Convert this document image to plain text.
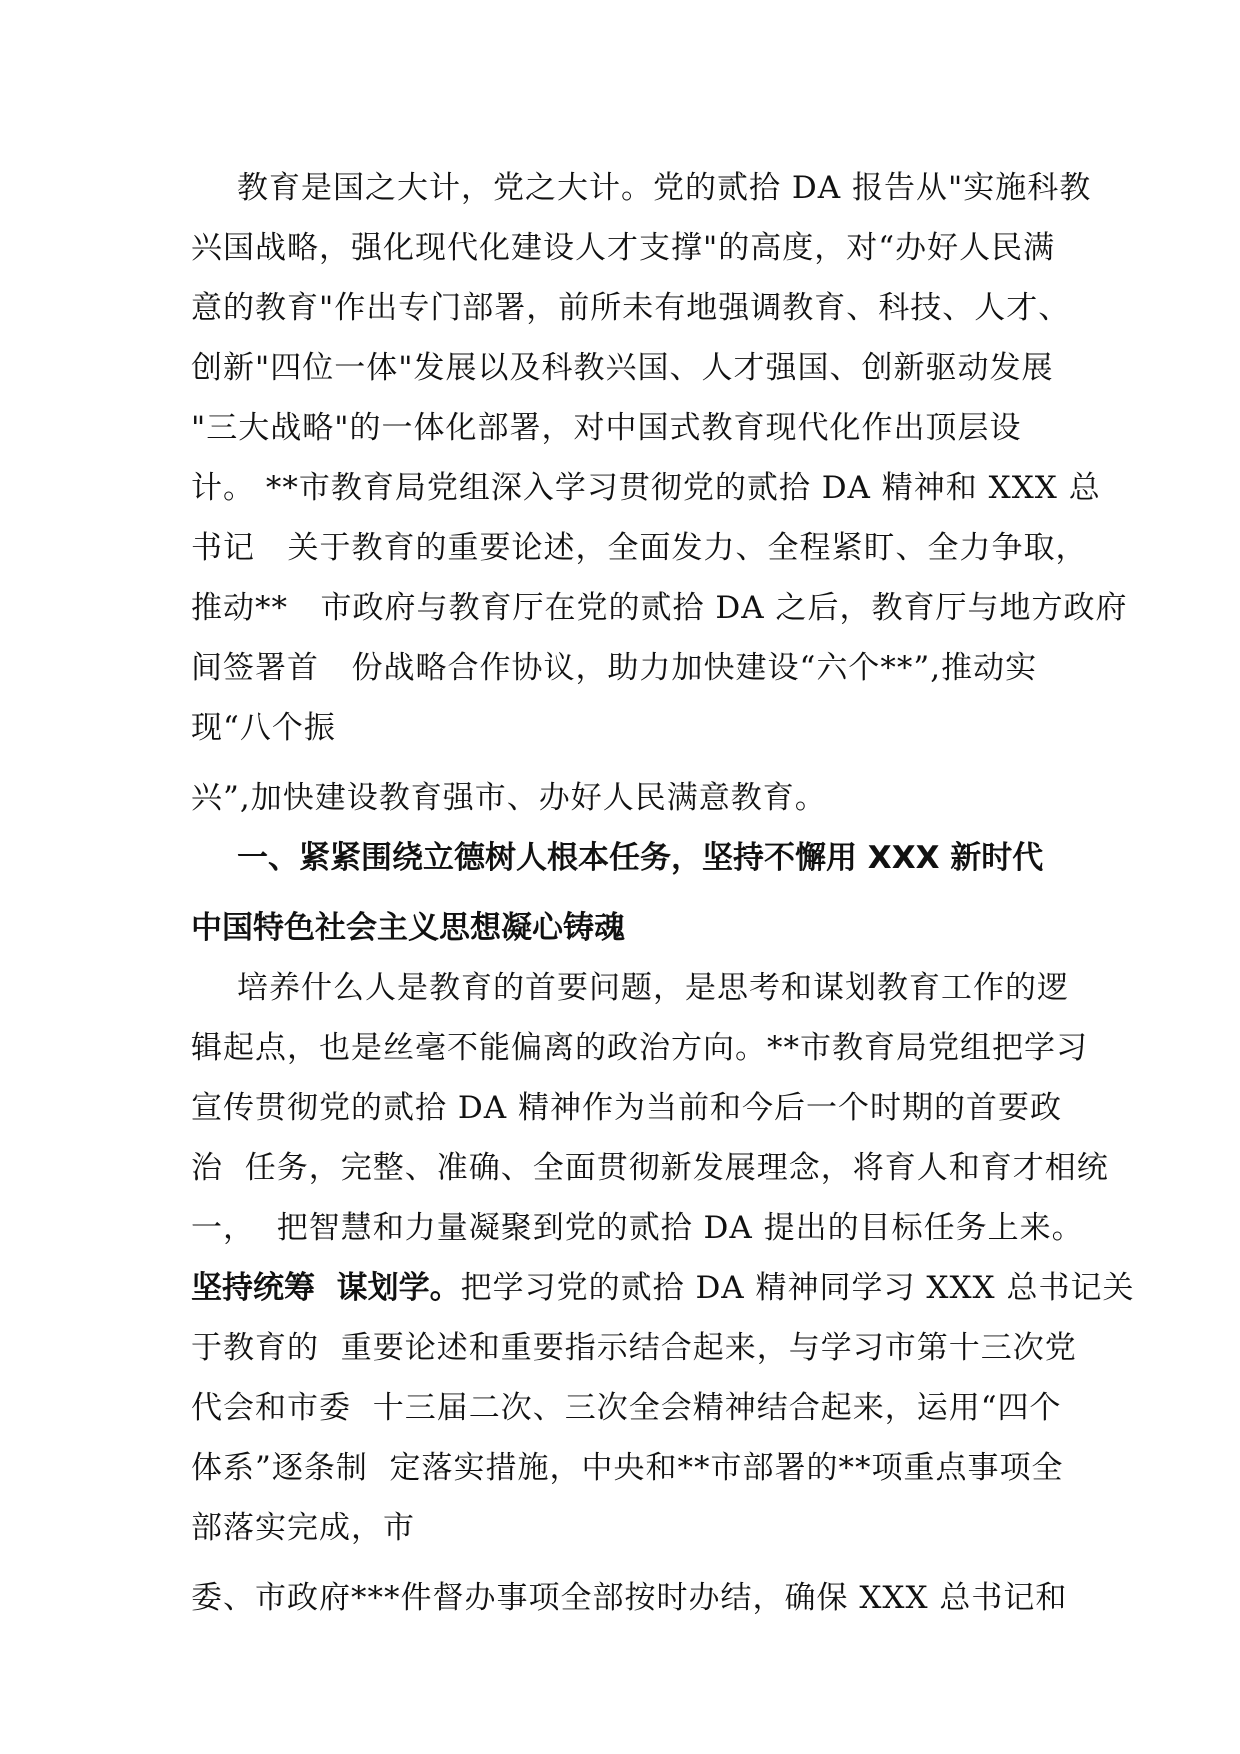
教育是国之大计，党之大计。党的贰拾 DA 报告从"实施科教
兴国战略，强化现代化建设人才支撑"的高度，对“办好人民满
意的教育"作出专门部署，前所未有地强调教育、科技、人才、
创新"四位一体"发展以及科教兴国、人才强国、创新驱动发展
"三大战略"的一体化部署，对中国式教育现代化作出顶层设
计。 **市教育局党组深入学习贯彻党的贰拾 DA 精神和 XXX 总
书记   关于教育的重要论述，全面发力、全程紧盯、全力争取，
推动**   市政府与教育厅在党的贰拾 DA 之后，教育厅与地方政府
间签署首   份战略合作协议，助力加快建设“六个**”,推动实
现“八个振
兴”,加快建设教育强市、办好人民满意教育。
一、紧紧围绕立德树人根本任务，坚持不懈用 XXX 新时代
中国特色社会主义思想凝心铸魂
培养什么人是教育的首要问题，是思考和谋划教育工作的逻
辑起点，也是丝毫不能偏离的政治方向。**市教育局党组把学习
宣传贯彻党的贰拾 DA 精神作为当前和今后一个时期的首要政
治  任务，完整、准确、全面贯彻新发展理念，将育人和育才相统
一，  把智慧和力量凝聚到党的贰拾 DA 提出的目标任务上来。
坚持统筹  谋划学。把学习党的贰拾 DA 精神同学习 XXX 总书记关
于教育的  重要论述和重要指示结合起来，与学习市第十三次党
代会和市委  十三届二次、三次全会精神结合起来，运用“四个
体系”逐条制  定落实措施，中央和**市部署的**项重点事项全
部落实完成，市
委、市政府***件督办事项全部按时办结，确保 XXX 总书记和
